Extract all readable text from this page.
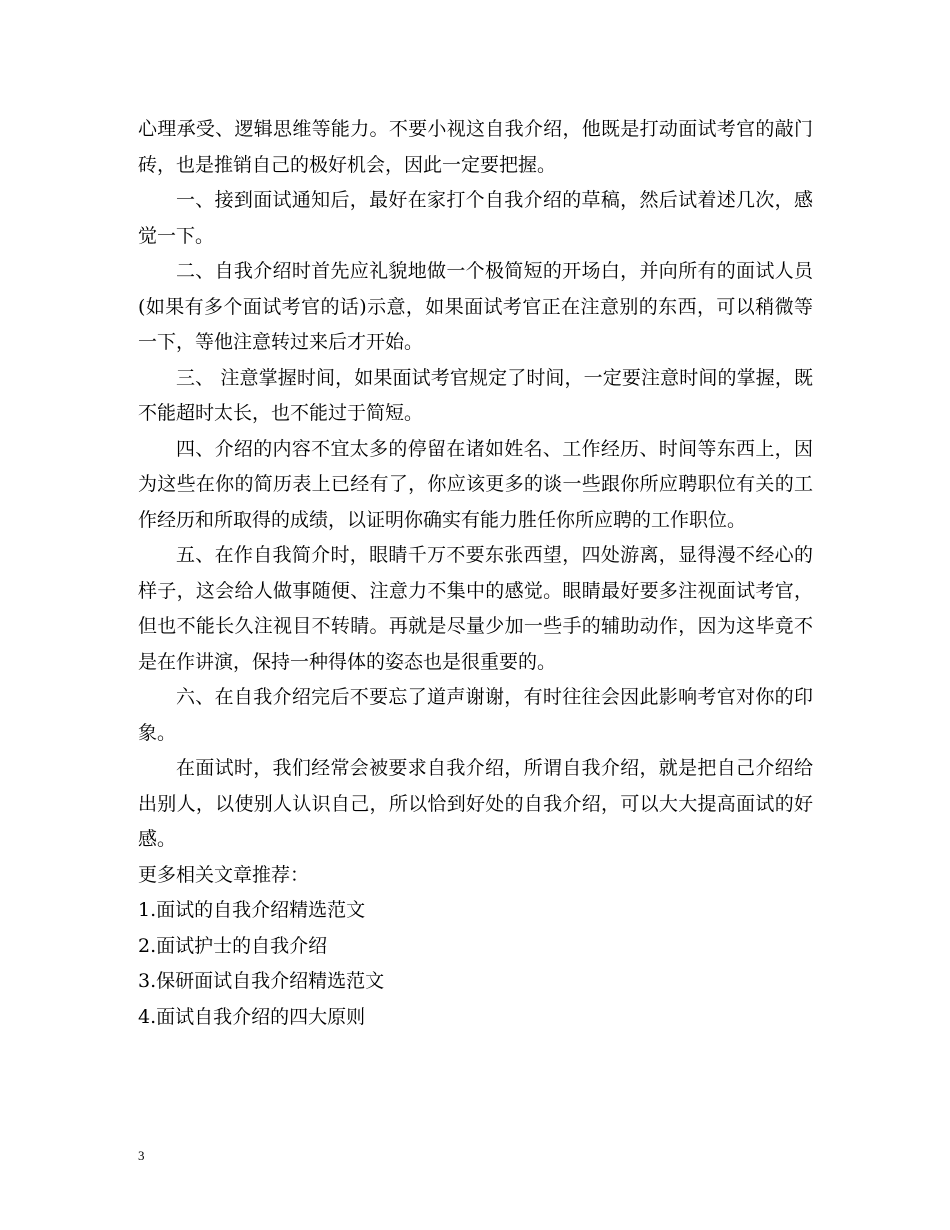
心理承受、逻辑思维等能力。不要小视这自我介绍，他既是打动面试考官的敲门砖，也是推销自己的极好机会，因此一定要把握。

一、接到面试通知后，最好在家打个自我介绍的草稿，然后试着述几次，感觉一下。

二、自我介绍时首先应礼貌地做一个极简短的开场白，并向所有的面试人员(如果有多个面试考官的话)示意，如果面试考官正在注意别的东西，可以稍微等一下，等他注意转过来后才开始。

三、 注意掌握时间，如果面试考官规定了时间，一定要注意时间的掌握，既不能超时太长，也不能过于简短。

四、介绍的内容不宜太多的停留在诸如姓名、工作经历、时间等东西上，因为这些在你的简历表上已经有了，你应该更多的谈一些跟你所应聘职位有关的工作经历和所取得的成绩，以证明你确实有能力胜任你所应聘的工作职位。

五、在作自我简介时，眼睛千万不要东张西望，四处游离，显得漫不经心的样子，这会给人做事随便、注意力不集中的感觉。眼睛最好要多注视面试考官，但也不能长久注视目不转睛。再就是尽量少加一些手的辅助动作，因为这毕竟不是在作讲演，保持一种得体的姿态也是很重要的。

六、在自我介绍完后不要忘了道声谢谢，有时往往会因此影响考官对你的印象。

在面试时，我们经常会被要求自我介绍，所谓自我介绍，就是把自己介绍给出别人，以使别人认识自己，所以恰到好处的自我介绍，可以大大提高面试的好感。

更多相关文章推荐：

1.面试的自我介绍精选范文

2.面试护士的自我介绍

3.保研面试自我介绍精选范文

4.面试自我介绍的四大原则

3
